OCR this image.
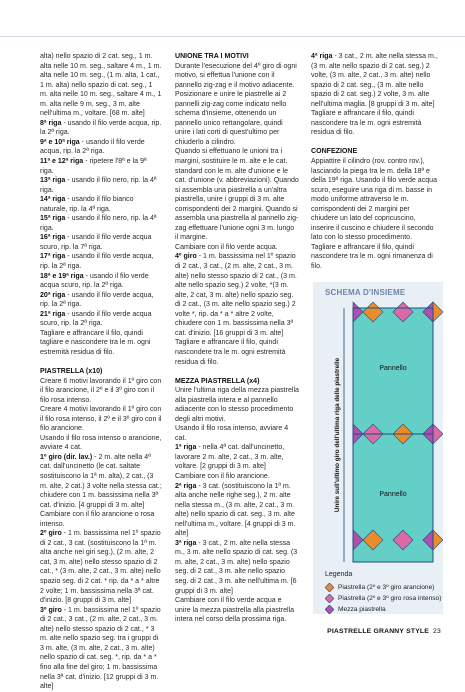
alta) nello spazio di 2 cat. seg., 1 m. alta nelle 10 m. seg., saltare 4 m., 1 m. alta nelle 10 m. seg., (1 m. alta, 1 cat., 1 m. alta) nello spazio di cat. seg., 1 m. alta nelle 10 m. seg., saltare 4 m., 1 m. alta nelle 9 m. seg., 3 m. alte nell'ultima m., voltare. [68 m. alte]

8ª riga - usando il filo verde acqua, rip. la 2ª riga.

9ª e 10ª riga - usando il filo verde acqua, rip. la 2ª riga.

11ª e 12ª riga - ripetere l'8ª e la 9ª riga.

13ª riga - usando il filo nero, rip. la 4ª riga.

14ª riga - usando il filo bianco naturale, rip. la 4ª riga.

15ª riga - usando il filo nero, rip. la 4ª riga.

16ª riga - usando il filo verde acqua scuro, rip. la 7ª riga.

17ª riga - usando il filo verde acqua, rip. la 2ª riga.

18ª e 19ª riga - usando il filo verde acqua scuro, rip. la 2ª riga.

20ª riga - usando il filo verde acqua, rip. la 2ª riga.

21ª riga - usando il filo verde acqua scuro, rip. la 2ª riga.

Tagliare e affrancare il filo, quindi tagliare e nascondere tra le m. ogni estremità residua di filo.

PIASTRELLA (x10)

Creare 6 motivi lavorando il 1º giro con il filo arancione, il 2º e il 3º giro con il filo rosa intenso.

Creare 4 motivi lavorando il 1º giro con il filo rosa intenso, il 2º e il 3º giro con il filo arancione.

Usando il filo rosa intenso o arancione, avviare 4 cat.

1º giro (dir. lav.) - 2 m. alte nella 4ª cat. dall'uncinetto (le cat. saltate sostituiscono la 1ª m. alta), 2 cat., (3 m. alte, 2 cat.) 3 volte nella stessa cat.; chiudere con 1 m. bassissima nella 3ª cat. d'inizio. [4 gruppi di 3 m. alte]

Cambiare con il filo arancione o rosa intenso.

2º giro - 1 m. bassissima nel 1º spazio di 2 cat., 3 cat. (sostituiscono la 1ª m. alta anche nei giri seg.), (2 m. alte, 2 cat, 3 m. alte) nello stesso spazio di 2 cat., * (3 m. alte, 2 cat., 3 m. alte) nello spazio seg. di 2 cat. * rip. da * a * altre 2 volte; 1 m. bassissima nella 3ª cat. d'inizio. [8 gruppi di 3 m. alte]

3º giro - 1 m. bassissima nel 1º spazio di 2 cat., 3 cat., (2 m. alte, 2 cat., 3 m. alte) nello stesso spazio di 2 cat., * 3 m. alte nello spazio seg. tra i gruppi di 3 m. alte, (3 m. alte, 2 cat., 3 m. alte) nello spazio di cat. seg. *, rip. da * a * fino alla fine del giro; 1 m. bassissima nella 3ª cat. d'inizio. [12 gruppi di 3 m. alte]

UNIONE TRA I MOTIVI

Durante l'esecuzione del 4º giro di ogni motivo, si effettua l'unione con il pannello zig-zag e il motivo adiacente.

Posizionare e unire le piastrelle ai 2 pannelli zig-zag come indicato nello schema d'insieme, ottenendo un pannello unico rettangolare, quindi unire i lati corti di quest'ultimo per chiuderlo a cilindro.

Quando si effettuano le unioni tra i margini, sostituire le m. alte e le cat. standard con le m. alte d'unione e le cat. d'unione (v. abbreviazioni). Quando si assembla una piastrella a un'altra piastrella, unire i gruppi di 3 m. alte corrispondenti dei 2 margini. Quando si assembla una piastrella al pannello zig-zag effettuare l'unione ogni 3 m. lungo il margine.

Cambiare con il filo verde acqua.

4º giro - 1 m. bassissima nel 1º spazio di 2 cat., 3 cat., (2 m. alte, 2 cat., 3 m. alte) nello stesso spazio di 2 cat., (3 m. alte nello spazio seg.) 2 volte, *(3 m. alte, 2 cat, 3 m. alte) nello spazio seg. di 2 cat., (3 m. alte nello spazio seg.) 2 volte *, rip. da * a * altre 2 volte, chiudere con 1 m. bassissima nella 3ª cat. d'inizio. [16 gruppi di 3 m. alte]

Tagliare e affrancare il filo, quindi nascondere tra le m. ogni estremità residua di filo.

MEZZA PIASTRELLA (x4)

Unire l'ultima riga della mezza piastrella alla piastrella intera e al pannello adiacente con lo stesso procedimento degli altri motivi.

Usando il filo rosa intenso, avviare 4 cat.

1ª riga - nella 4ª cat. dall'uncinetto, lavorare 2 m. alte, 2 cat., 3 m. alte, voltare. [2 gruppi di 3 m. alte]

Cambiare con il filo arancione.

2ª riga - 3 cat. (sostituiscono la 1ª m. alta anche nelle righe seg.), 2 m. alte nella stessa m., (3 m. alte, 2 cat., 3 m. alte) nello spazio di cat. seg., 3 m. alte nell'ultima m., voltare. [4 gruppi di 3 m. alte]

3ª riga - 3 cat., 2 m. alte nella stessa m., 3 m. alte nello spazio di cat. seg. (3 m. alte, 2 cat., 3 m. alte) nello spazio seg. di 2 cat., 3 m. alte nello spazio seg. di 2 cat., 3 m. alte nell'ultima m. [6 gruppi di 3 m. alte]

Cambiare con il filo verde acqua e unire la mezza piastrella alla piastrella intera nel corso della prossima riga.

4ª riga - 3 cat., 2 m. alte nella stessa m., (3 m. alte nello spazio di 2 cat. seg.) 2 volte, (3 m. alte, 2 cat., 3 m. alte) nello spazio di 2 cat. seg., (3 m. alte nello spazio di 2 cat. seg.) 2 volte, 3 m. alte nell'ultima maglia. [8 gruppi di 3 m. alte]

Tagliare e affrancare il filo, quindi nascondere tra le m. ogni estremità residua di filo.

CONFEZIONE

Appiattire il cilindro (rov. contro rov.), lasciando la piega tra le m. della 18ª e della 19ª riga. Usando il filo verde acqua scuro, eseguire una riga di m. basse in modo uniforme attraverso le m. corrispondenti dei 2 margini per chiudere un lato del copricuscino, inserire il cuscino e chiudere il secondo lato con lo stesso procedimento.

Tagliare e affrancare il filo, quindi nascondere tra le m. ogni rimanenza di filo.

SCHEMA D'INSIEME
Pannello
Pannello
Unire sull'ultimo giro dell'ultima riga delle piastrelle
Legenda
Piastrella (2º e 3º giro arancione)
Piastrella (2º e 3º giro rosa intenso)
Mezza piastrella
PIASTRELLE GRANNY STYLE 23
